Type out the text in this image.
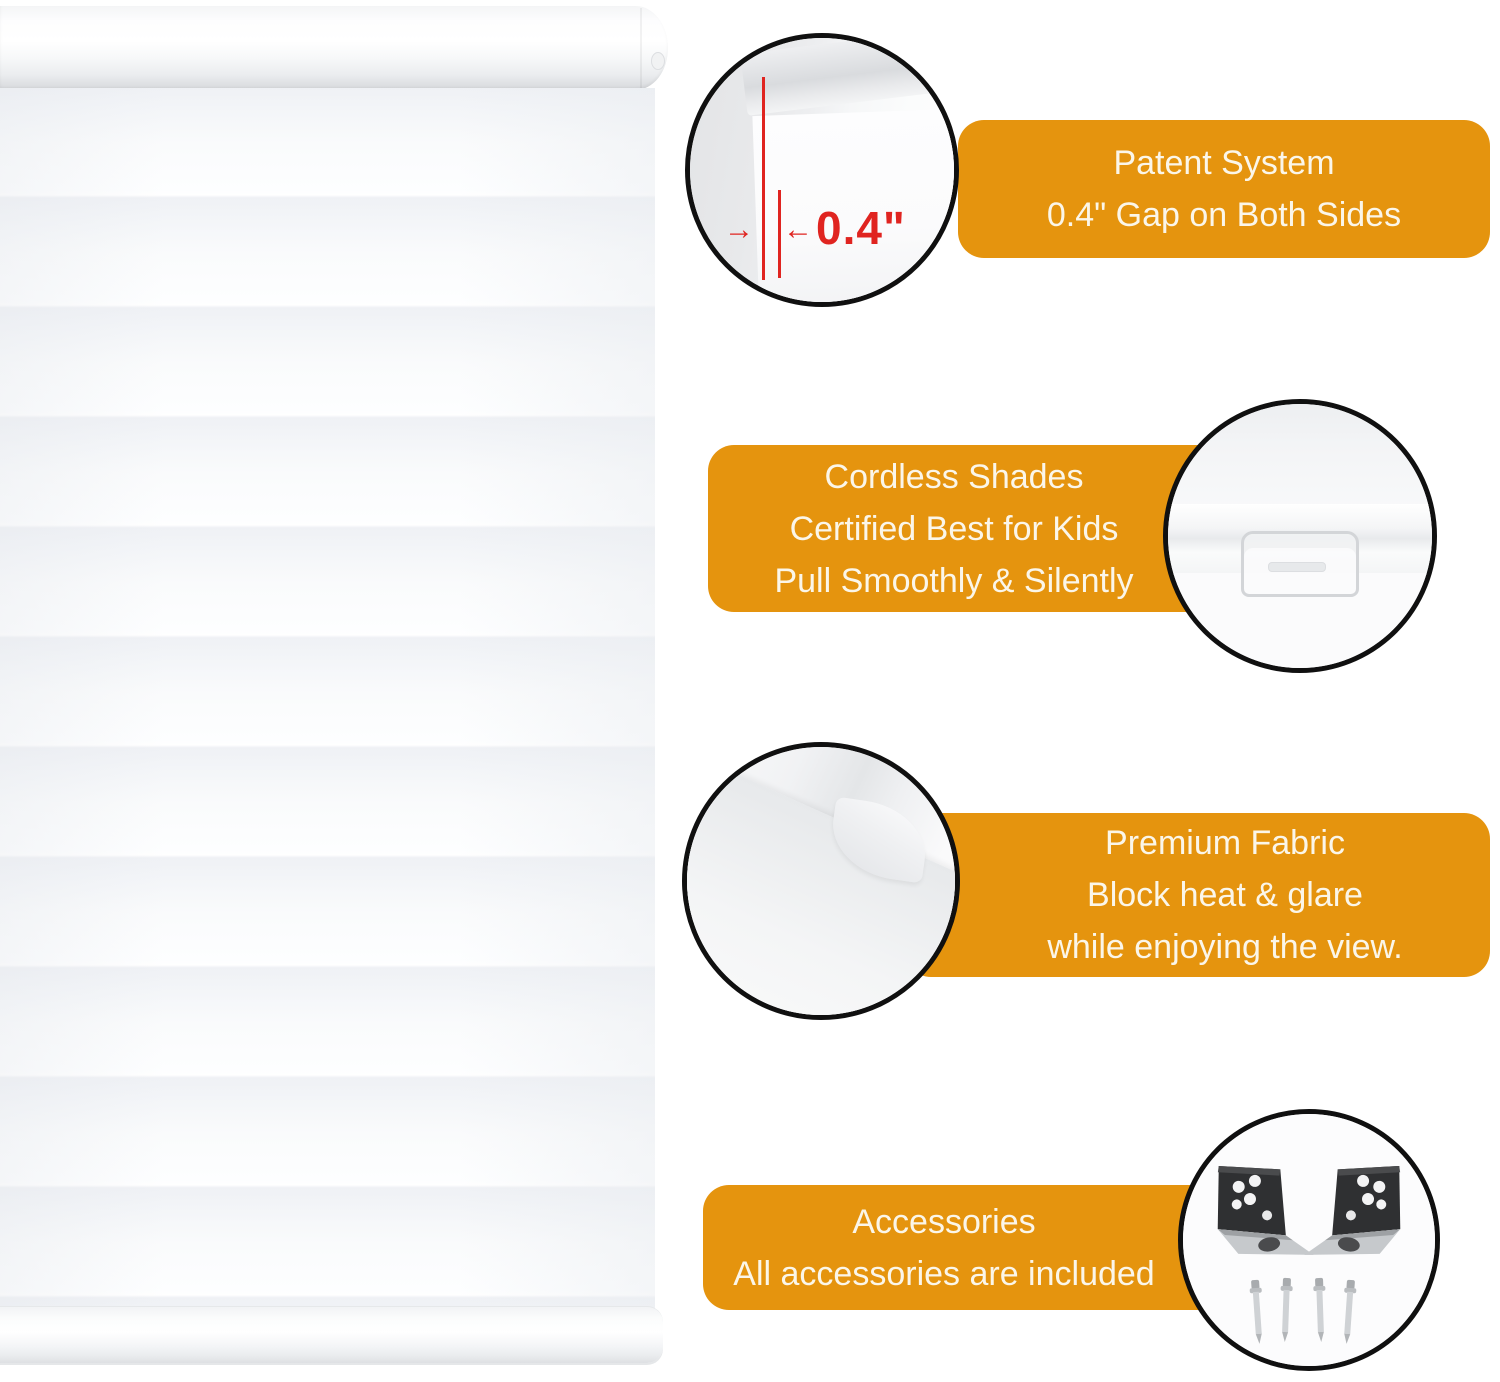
Patent System
0.4" Gap on Both Sides
→ ← 0.4"
Cordless Shades
Certified Best for Kids
Pull Smoothly & Silently
Premium Fabric
Block heat & glare
while enjoying the view.
Accessories
All accessories are included
